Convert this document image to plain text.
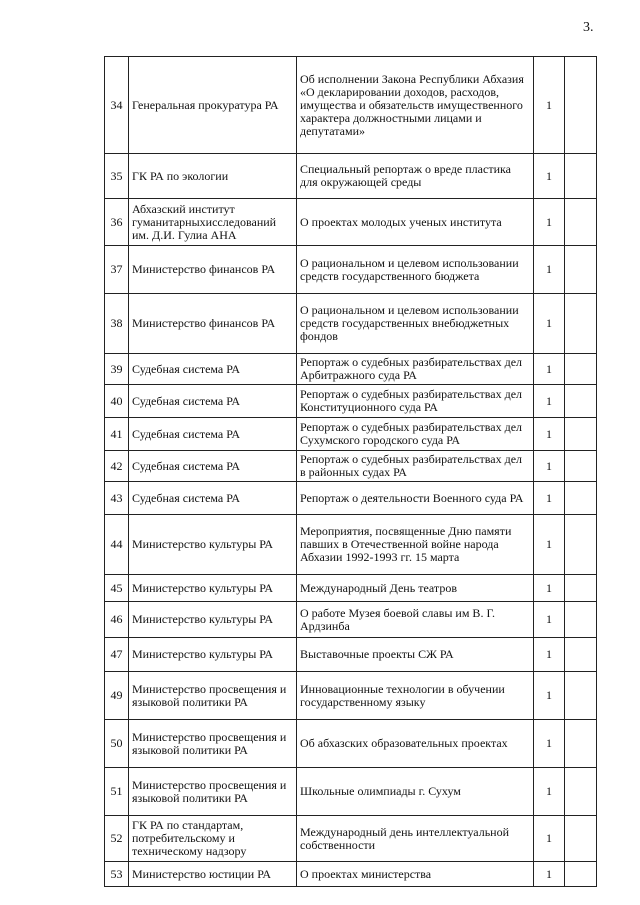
3.
34	Генеральная прокуратура РА	Об исполнении Закона Республики Абхазия «О декларировании доходов, расходов, имущества и обязательств имущественного характера должностными лицами и депутатами»	1	
35	ГК РА по экологии	Специальный репортаж о вреде пластика для окружающей среды	1	
36	Абхазский институт гуманитарныхисследований им. Д.И. Гулиа АНА	О проектах молодых ученых института	1	
37	Министерство финансов РА	О рациональном и целевом использовании средств государственного бюджета	1	
38	Министерство финансов РА	О рациональном и целевом использовании средств государственных внебюджетных фондов	1	
39	Судебная система РА	Репортаж о судебных разбирательствах дел Арбитражного суда РА	1	
40	Судебная система РА	Репортаж о судебных разбирательствах дел Конституционного суда РА	1	
41	Судебная система РА	Репортаж о судебных разбирательствах дел Сухумского городского суда РА	1	
42	Судебная система РА	Репортаж о судебных разбирательствах дел в районных судах РА	1	
43	Судебная система РА	Репортаж о деятельности Военного суда РА	1	
44	Министерство культуры РА	Мероприятия, посвященные Дню памяти павших в Отечественной войне народа Абхазии 1992-1993 гг. 15 марта	1	
45	Министерство культуры РА	Международный День театров	1	
46	Министерство культуры РА	О работе Музея боевой славы им В. Г. Ардзинба	1	
47	Министерство культуры РА	Выставочные проекты СЖ РА	1	
49	Министерство просвещения и языковой политики РА	Инновационные технологии в обучении государственному языку	1	
50	Министерство просвещения и языковой политики РА	Об абхазских образовательных проектах	1	
51	Министерство просвещения и языковой политики РА	Школьные олимпиады г. Сухум	1	
52	ГК РА по стандартам, потребительскому и техническому надзору	Международный день интеллектуальной собственности	1	
53	Министерство юстиции РА	О проектах министерства	1	
